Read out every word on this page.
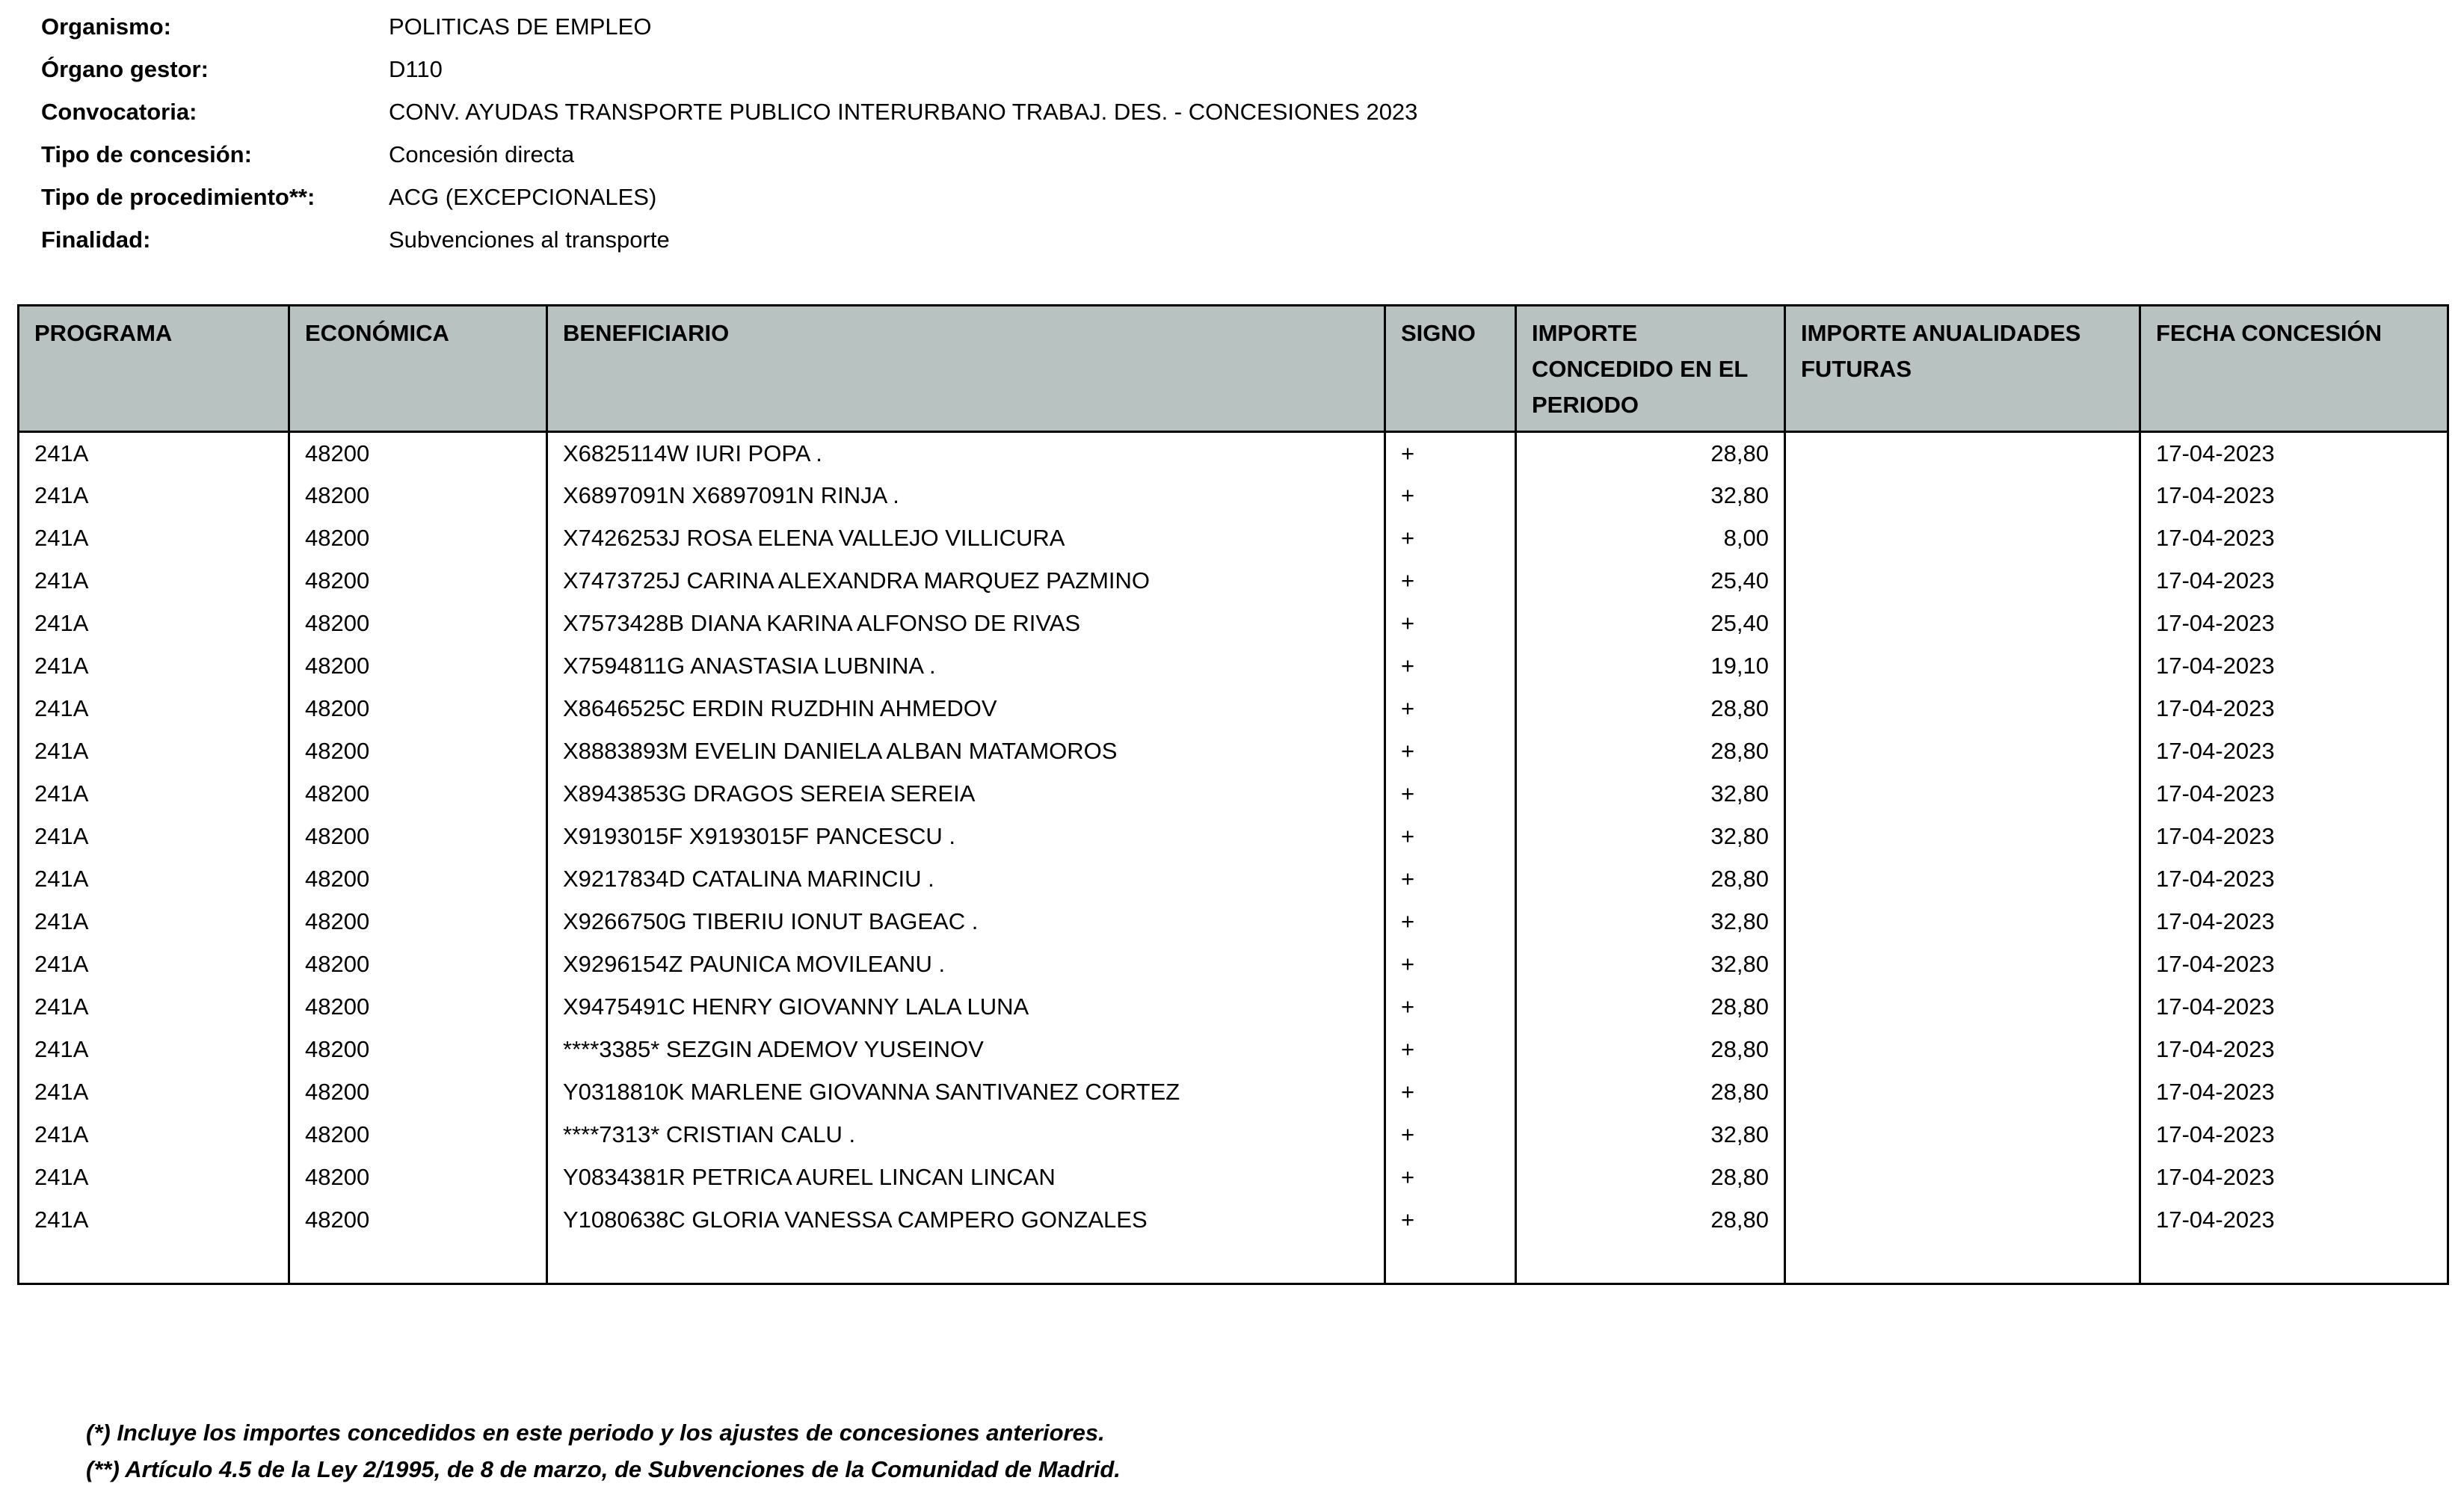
Organismo:	POLITICAS DE EMPLEO
Órgano gestor:	D110
Convocatoria:	CONV. AYUDAS TRANSPORTE PUBLICO INTERURBANO TRABAJ. DES. - CONCESIONES 2023
Tipo de concesión:	Concesión directa
Tipo de procedimiento**:	ACG (EXCEPCIONALES)
Finalidad:	Subvenciones al transporte
PROGRAMA	ECONÓMICA	BENEFICIARIO	SIGNO	IMPORTE CONCEDIDO EN EL PERIODO	IMPORTE ANUALIDADES FUTURAS	FECHA CONCESIÓN
241A	48200	X6825114W IURI POPA .	+	28,80		17-04-2023
241A	48200	X6897091N X6897091N RINJA .	+	32,80		17-04-2023
241A	48200	X7426253J ROSA ELENA VALLEJO VILLICURA	+	8,00		17-04-2023
241A	48200	X7473725J CARINA ALEXANDRA MARQUEZ PAZMINO	+	25,40		17-04-2023
241A	48200	X7573428B DIANA KARINA ALFONSO DE RIVAS	+	25,40		17-04-2023
241A	48200	X7594811G ANASTASIA LUBNINA .	+	19,10		17-04-2023
241A	48200	X8646525C ERDIN RUZDHIN AHMEDOV	+	28,80		17-04-2023
241A	48200	X8883893M EVELIN DANIELA ALBAN MATAMOROS	+	28,80		17-04-2023
241A	48200	X8943853G DRAGOS SEREIA SEREIA	+	32,80		17-04-2023
241A	48200	X9193015F X9193015F PANCESCU .	+	32,80		17-04-2023
241A	48200	X9217834D CATALINA MARINCIU .	+	28,80		17-04-2023
241A	48200	X9266750G TIBERIU IONUT BAGEAC .	+	32,80		17-04-2023
241A	48200	X9296154Z PAUNICA MOVILEANU .	+	32,80		17-04-2023
241A	48200	X9475491C HENRY GIOVANNY LALA LUNA	+	28,80		17-04-2023
241A	48200	****3385* SEZGIN ADEMOV YUSEINOV	+	28,80		17-04-2023
241A	48200	Y0318810K MARLENE GIOVANNA SANTIVANEZ CORTEZ	+	28,80		17-04-2023
241A	48200	****7313* CRISTIAN CALU .	+	32,80		17-04-2023
241A	48200	Y0834381R PETRICA AUREL LINCAN LINCAN	+	28,80		17-04-2023
241A	48200	Y1080638C GLORIA VANESSA CAMPERO GONZALES	+	28,80		17-04-2023

(*) Incluye los importes concedidos en este periodo y los ajustes de concesiones anteriores.
(**) Artículo 4.5 de la Ley 2/1995, de 8 de marzo, de Subvenciones de la Comunidad de Madrid.
